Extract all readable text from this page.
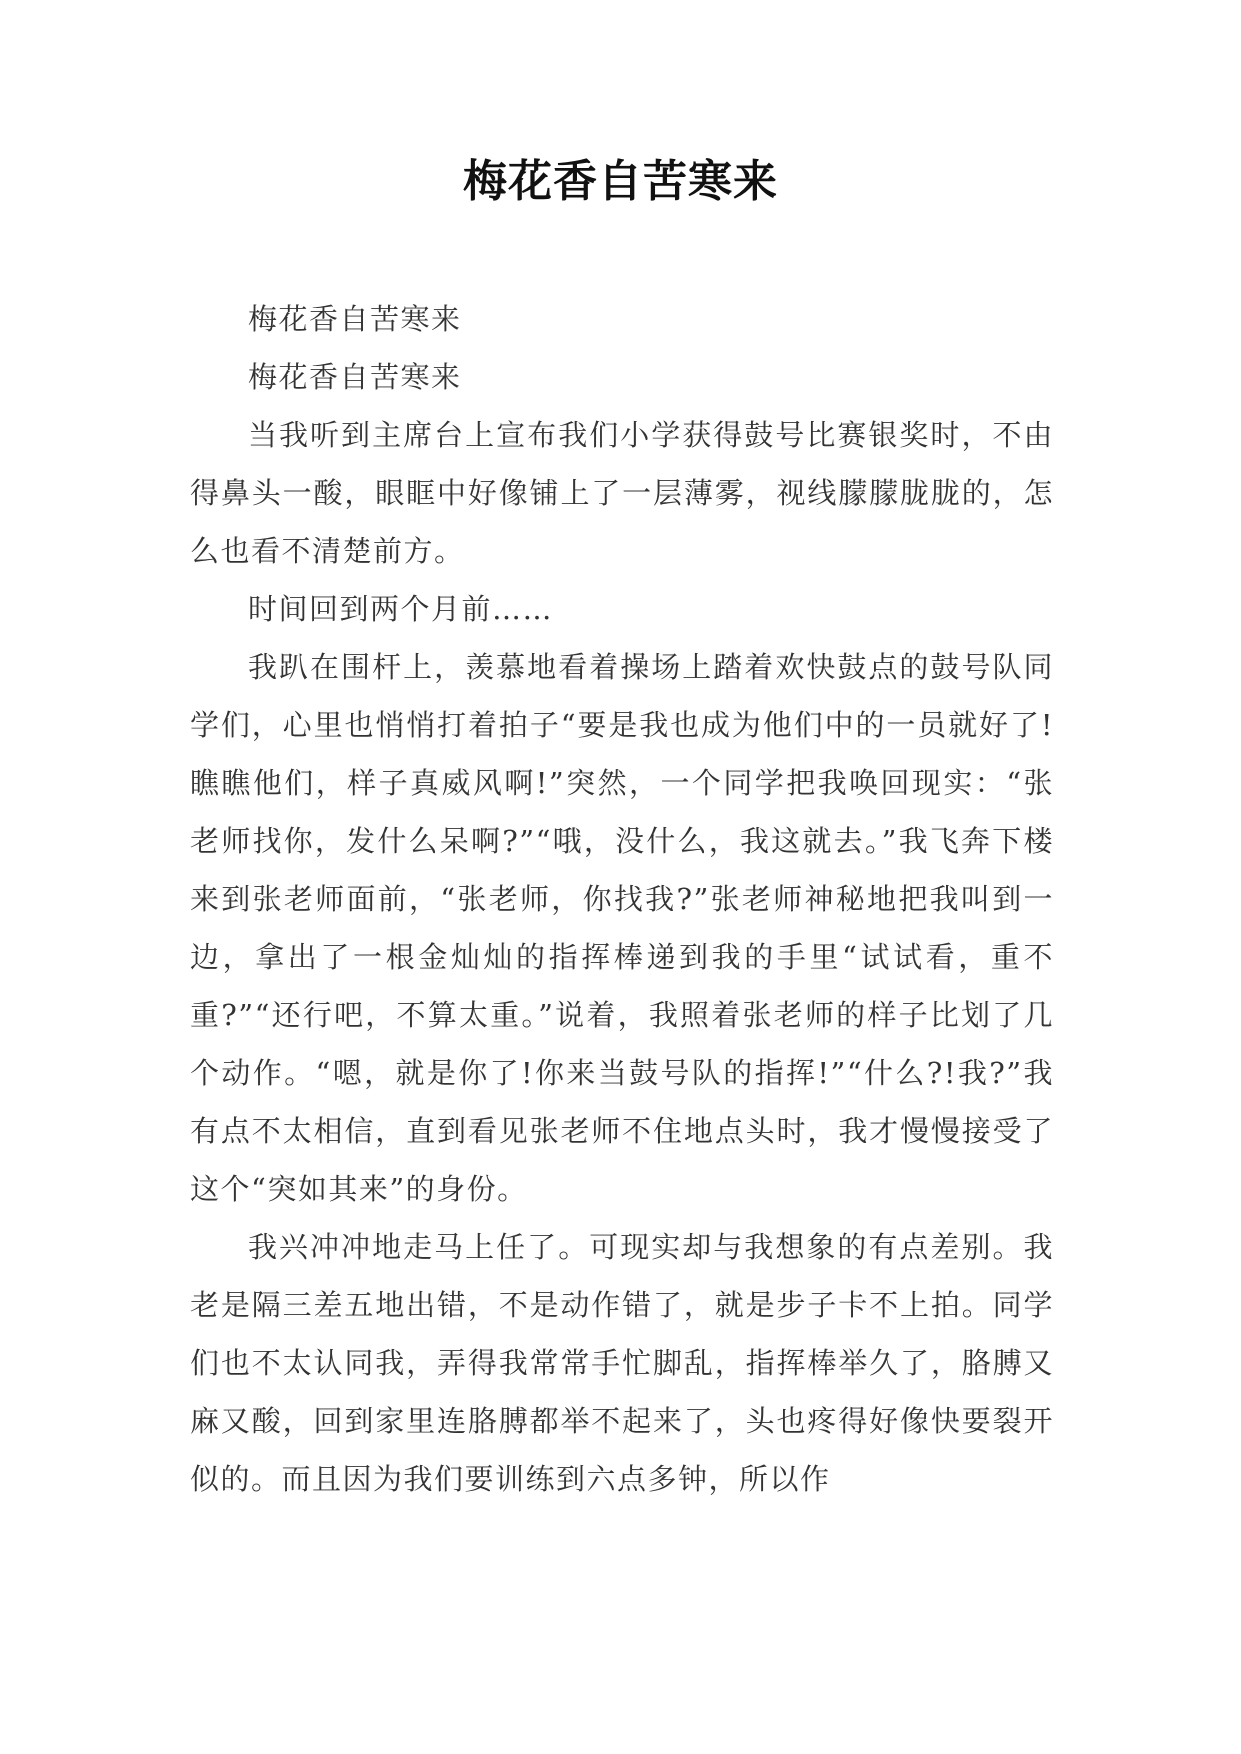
梅花香自苦寒来

梅花香自苦寒来

梅花香自苦寒来

当我听到主席台上宣布我们小学获得鼓号比赛银奖时，不由得鼻头一酸，眼眶中好像铺上了一层薄雾，视线朦朦胧胧的，怎么也看不清楚前方。

时间回到两个月前……

我趴在围杆上，羡慕地看着操场上踏着欢快鼓点的鼓号队同学们，心里也悄悄打着拍子“要是我也成为他们中的一员就好了!瞧瞧他们，样子真威风啊!”突然，一个同学把我唤回现实：“张老师找你，发什么呆啊?”“哦，没什么，我这就去。”我飞奔下楼来到张老师面前，“张老师，你找我?”张老师神秘地把我叫到一边，拿出了一根金灿灿的指挥棒递到我的手里“试试看，重不重?”“还行吧，不算太重。”说着，我照着张老师的样子比划了几个动作。“嗯，就是你了!你来当鼓号队的指挥!”“什么?!我?”我有点不太相信，直到看见张老师不住地点头时，我才慢慢接受了这个“突如其来”的身份。

我兴冲冲地走马上任了。可现实却与我想象的有点差别。我老是隔三差五地出错，不是动作错了，就是步子卡不上拍。同学们也不太认同我，弄得我常常手忙脚乱，指挥棒举久了，胳膊又麻又酸，回到家里连胳膊都举不起来了，头也疼得好像快要裂开似的。而且因为我们要训练到六点多钟，所以作
